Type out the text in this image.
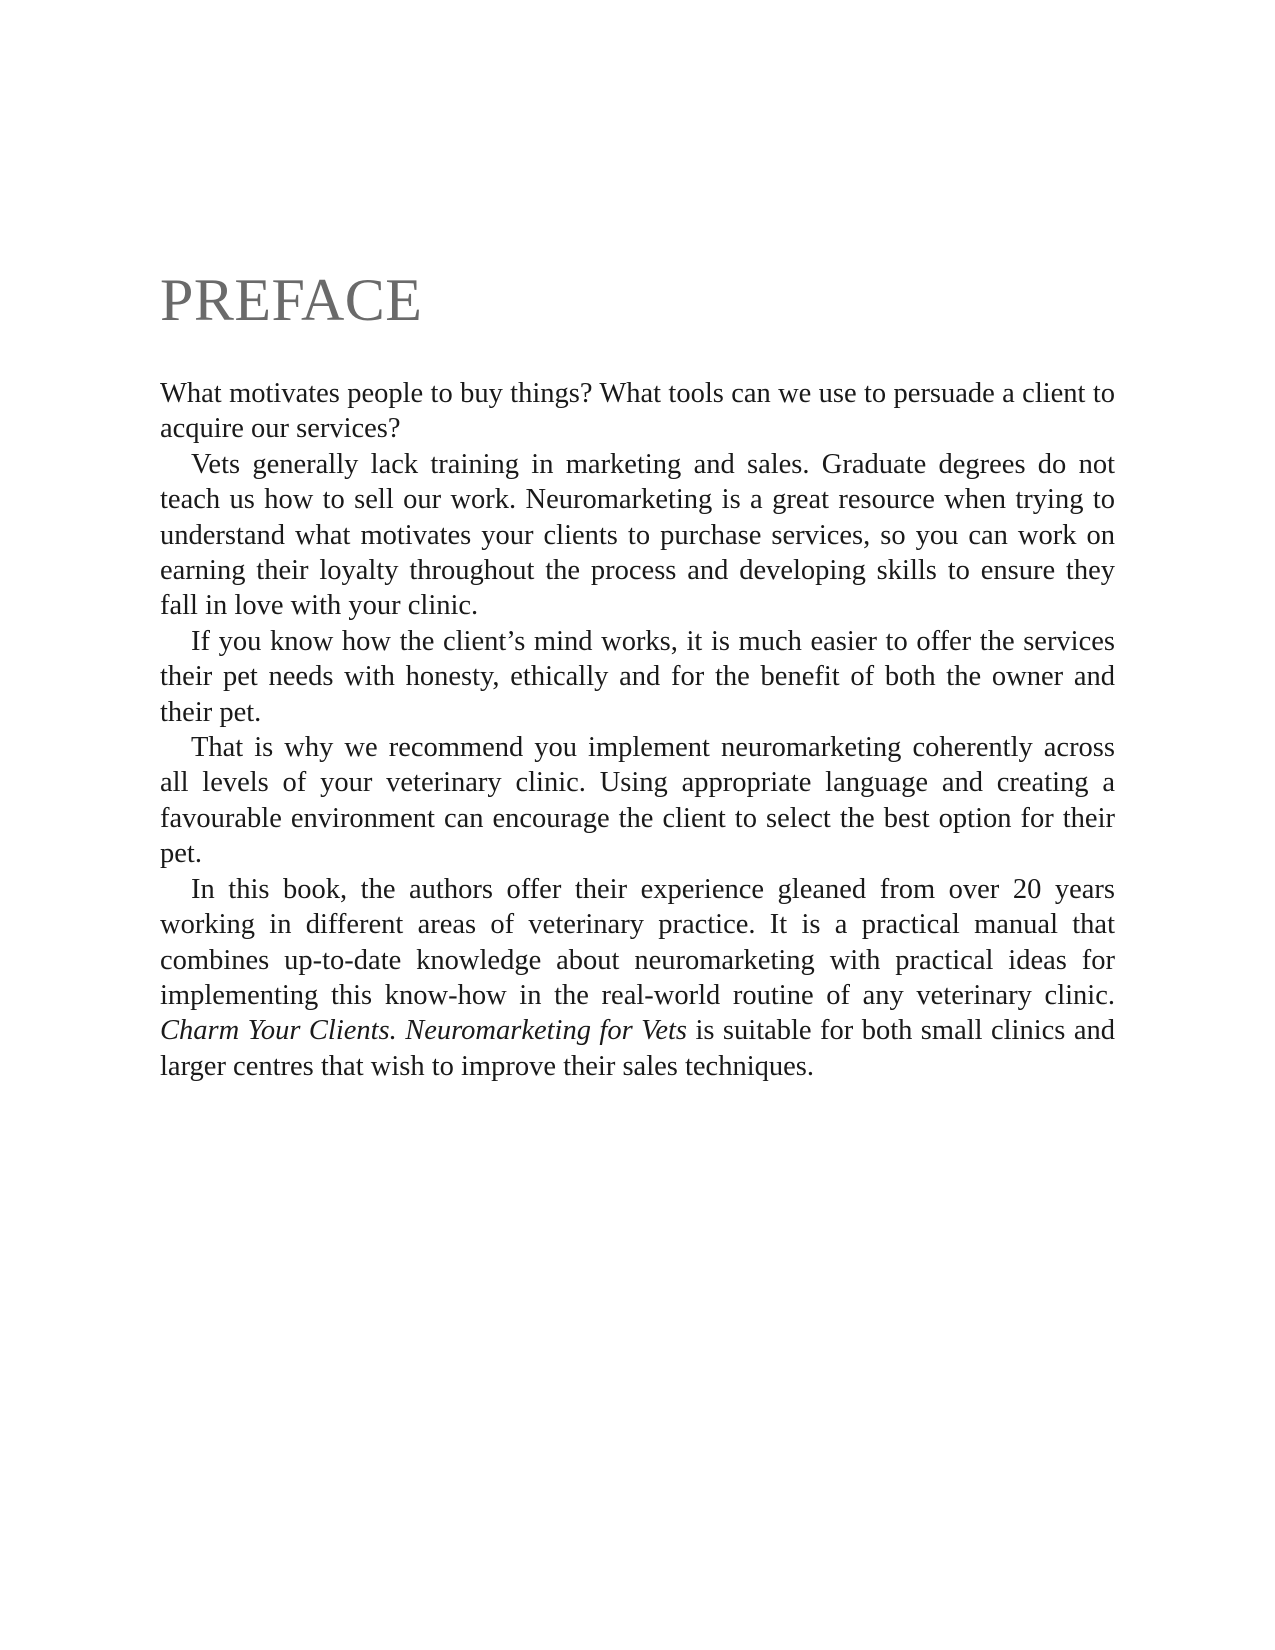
PREFACE

What motivates people to buy things? What tools can we use to persuade a client to acquire our services?

Vets generally lack training in marketing and sales. Graduate degrees do not teach us how to sell our work. Neuromarketing is a great resource when trying to understand what motivates your clients to purchase services, so you can work on earning their loyalty throughout the process and developing skills to ensure they fall in love with your clinic.

If you know how the client’s mind works, it is much easier to offer the services their pet needs with honesty, ethically and for the benefit of both the owner and their pet.

That is why we recommend you implement neuromarketing coherently across all levels of your veterinary clinic. Using appropriate language and creating a favourable environment can encourage the client to select the best option for their pet.

In this book, the authors offer their experience gleaned from over 20 years working in different areas of veterinary practice. It is a practical manual that combines up-to-date knowledge about neuromarketing with practical ideas for implementing this know-how in the real-world routine of any veterinary clinic. Charm Your Clients. Neuromarketing for Vets is suitable for both small clinics and larger centres that wish to improve their sales techniques.
